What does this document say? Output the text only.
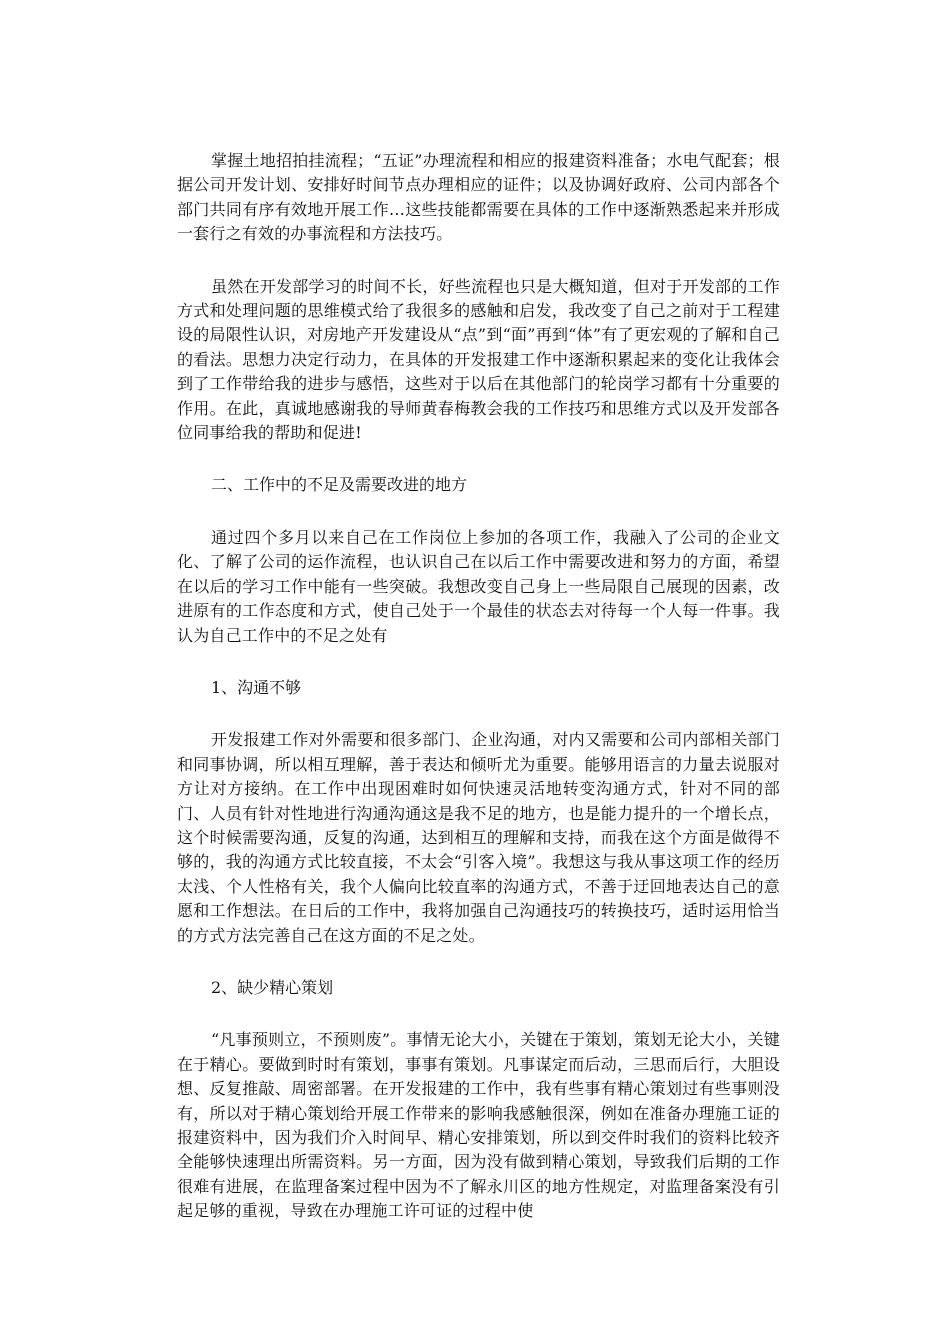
掌握土地招拍挂流程；“五证”办理流程和相应的报建资料准备；水电气配套；根据公司开发计划、安排好时间节点办理相应的证件；以及协调好政府、公司内部各个部门共同有序有效地开展工作…这些技能都需要在具体的工作中逐渐熟悉起来并形成一套行之有效的办事流程和方法技巧。

虽然在开发部学习的时间不长，好些流程也只是大概知道，但对于开发部的工作方式和处理问题的思维模式给了我很多的感触和启发，我改变了自己之前对于工程建设的局限性认识，对房地产开发建设从“点”到“面”再到“体”有了更宏观的了解和自己的看法。思想力决定行动力，在具体的开发报建工作中逐渐积累起来的变化让我体会到了工作带给我的进步与感悟，这些对于以后在其他部门的轮岗学习都有十分重要的作用。在此，真诚地感谢我的导师黄春梅教会我的工作技巧和思维方式以及开发部各位同事给我的帮助和促进!

二、工作中的不足及需要改进的地方

通过四个多月以来自己在工作岗位上参加的各项工作，我融入了公司的企业文化、了解了公司的运作流程，也认识自己在以后工作中需要改进和努力的方面，希望在以后的学习工作中能有一些突破。我想改变自己身上一些局限自己展现的因素，改进原有的工作态度和方式，使自己处于一个最佳的状态去对待每一个人每一件事。我认为自己工作中的不足之处有

1、沟通不够

开发报建工作对外需要和很多部门、企业沟通，对内又需要和公司内部相关部门和同事协调，所以相互理解，善于表达和倾听尤为重要。能够用语言的力量去说服对方让对方接纳。在工作中出现困难时如何快速灵活地转变沟通方式，针对不同的部门、人员有针对性地进行沟通沟通这是我不足的地方，也是能力提升的一个增长点，这个时候需要沟通，反复的沟通，达到相互的理解和支持，而我在这个方面是做得不够的，我的沟通方式比较直接，不太会“引客入境”。我想这与我从事这项工作的经历太浅、个人性格有关，我个人偏向比较直率的沟通方式，不善于迂回地表达自己的意愿和工作想法。在日后的工作中，我将加强自己沟通技巧的转换技巧，适时运用恰当的方式方法完善自己在这方面的不足之处。

2、缺少精心策划

“凡事预则立，不预则废”。事情无论大小，关键在于策划，策划无论大小，关键在于精心。要做到时时有策划，事事有策划。凡事谋定而后动，三思而后行，大胆设想、反复推敲、周密部署。在开发报建的工作中，我有些事有精心策划过有些事则没有，所以对于精心策划给开展工作带来的影响我感触很深，例如在准备办理施工证的报建资料中，因为我们介入时间早、精心安排策划，所以到交件时我们的资料比较齐全能够快速理出所需资料。另一方面，因为没有做到精心策划，导致我们后期的工作很难有进展，在监理备案过程中因为不了解永川区的地方性规定，对监理备案没有引起足够的重视，导致在办理施工许可证的过程中使
